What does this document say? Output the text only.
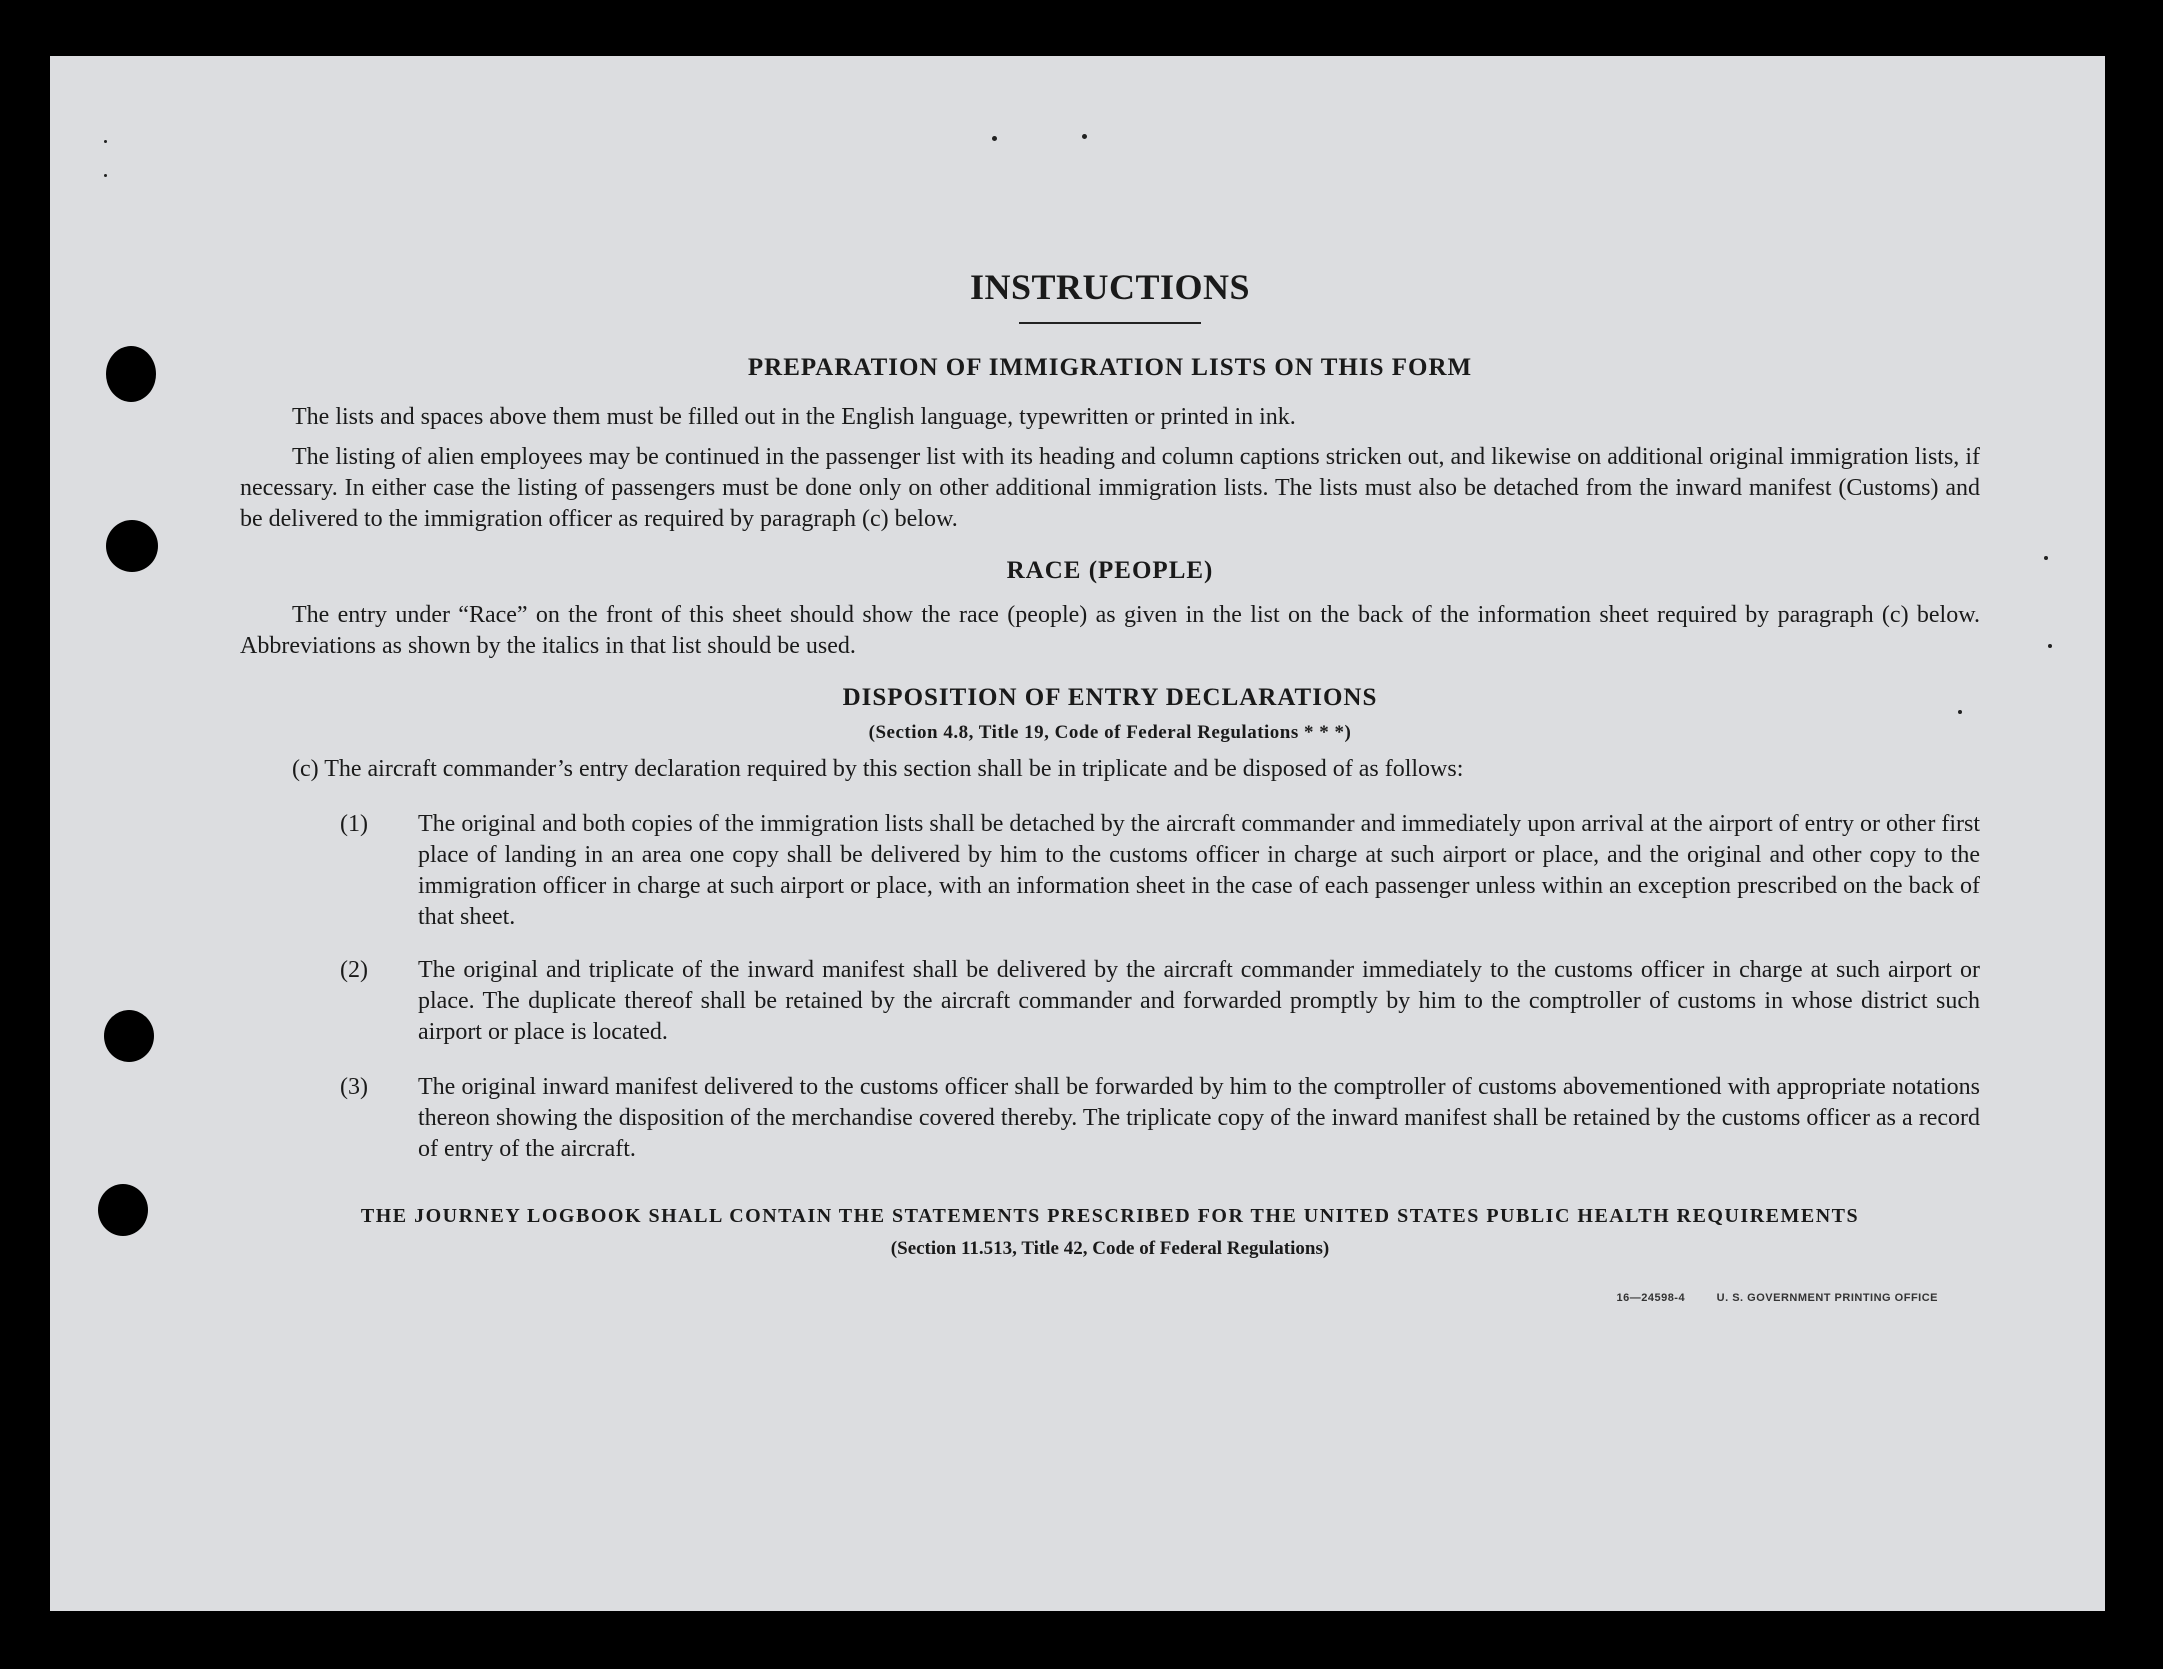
INSTRUCTIONS
PREPARATION OF IMMIGRATION LISTS ON THIS FORM

The lists and spaces above them must be filled out in the English language, typewritten or printed in ink.

The listing of alien employees may be continued in the passenger list with its heading and column captions stricken out, and likewise on additional original immigration lists, if necessary. In either case the listing of passengers must be done only on other additional immigration lists. The lists must also be detached from the inward manifest (Customs) and be delivered to the immigration officer as required by paragraph (c) below.

RACE (PEOPLE)

The entry under “Race” on the front of this sheet should show the race (people) as given in the list on the back of the information sheet required by paragraph (c) below. Abbreviations as shown by the italics in that list should be used.

DISPOSITION OF ENTRY DECLARATIONS

(Section 4.8, Title 19, Code of Federal Regulations * * *)

(c) The aircraft commander’s entry declaration required by this section shall be in triplicate and be disposed of as follows:

(1) The original and both copies of the immigration lists shall be detached by the aircraft commander and immediately upon arrival at the airport of entry or other first place of landing in an area one copy shall be delivered by him to the customs officer in charge at such airport or place, and the original and other copy to the immigration officer in charge at such airport or place, with an information sheet in the case of each passenger unless within an exception prescribed on the back of that sheet.
(2) The original and triplicate of the inward manifest shall be delivered by the aircraft commander immediately to the customs officer in charge at such airport or place. The duplicate thereof shall be retained by the aircraft commander and forwarded promptly by him to the comptroller of customs in whose district such airport or place is located.
(3) The original inward manifest delivered to the customs officer shall be forwarded by him to the comptroller of customs abovementioned with appropriate notations thereon showing the disposition of the merchandise covered thereby. The triplicate copy of the inward manifest shall be retained by the customs officer as a record of entry of the aircraft.

THE JOURNEY LOGBOOK SHALL CONTAIN THE STATEMENTS PRESCRIBED FOR THE UNITED STATES PUBLIC HEALTH REQUIREMENTS

(Section 11.513, Title 42, Code of Federal Regulations)

16—24598-4	U. S. GOVERNMENT PRINTING OFFICE
